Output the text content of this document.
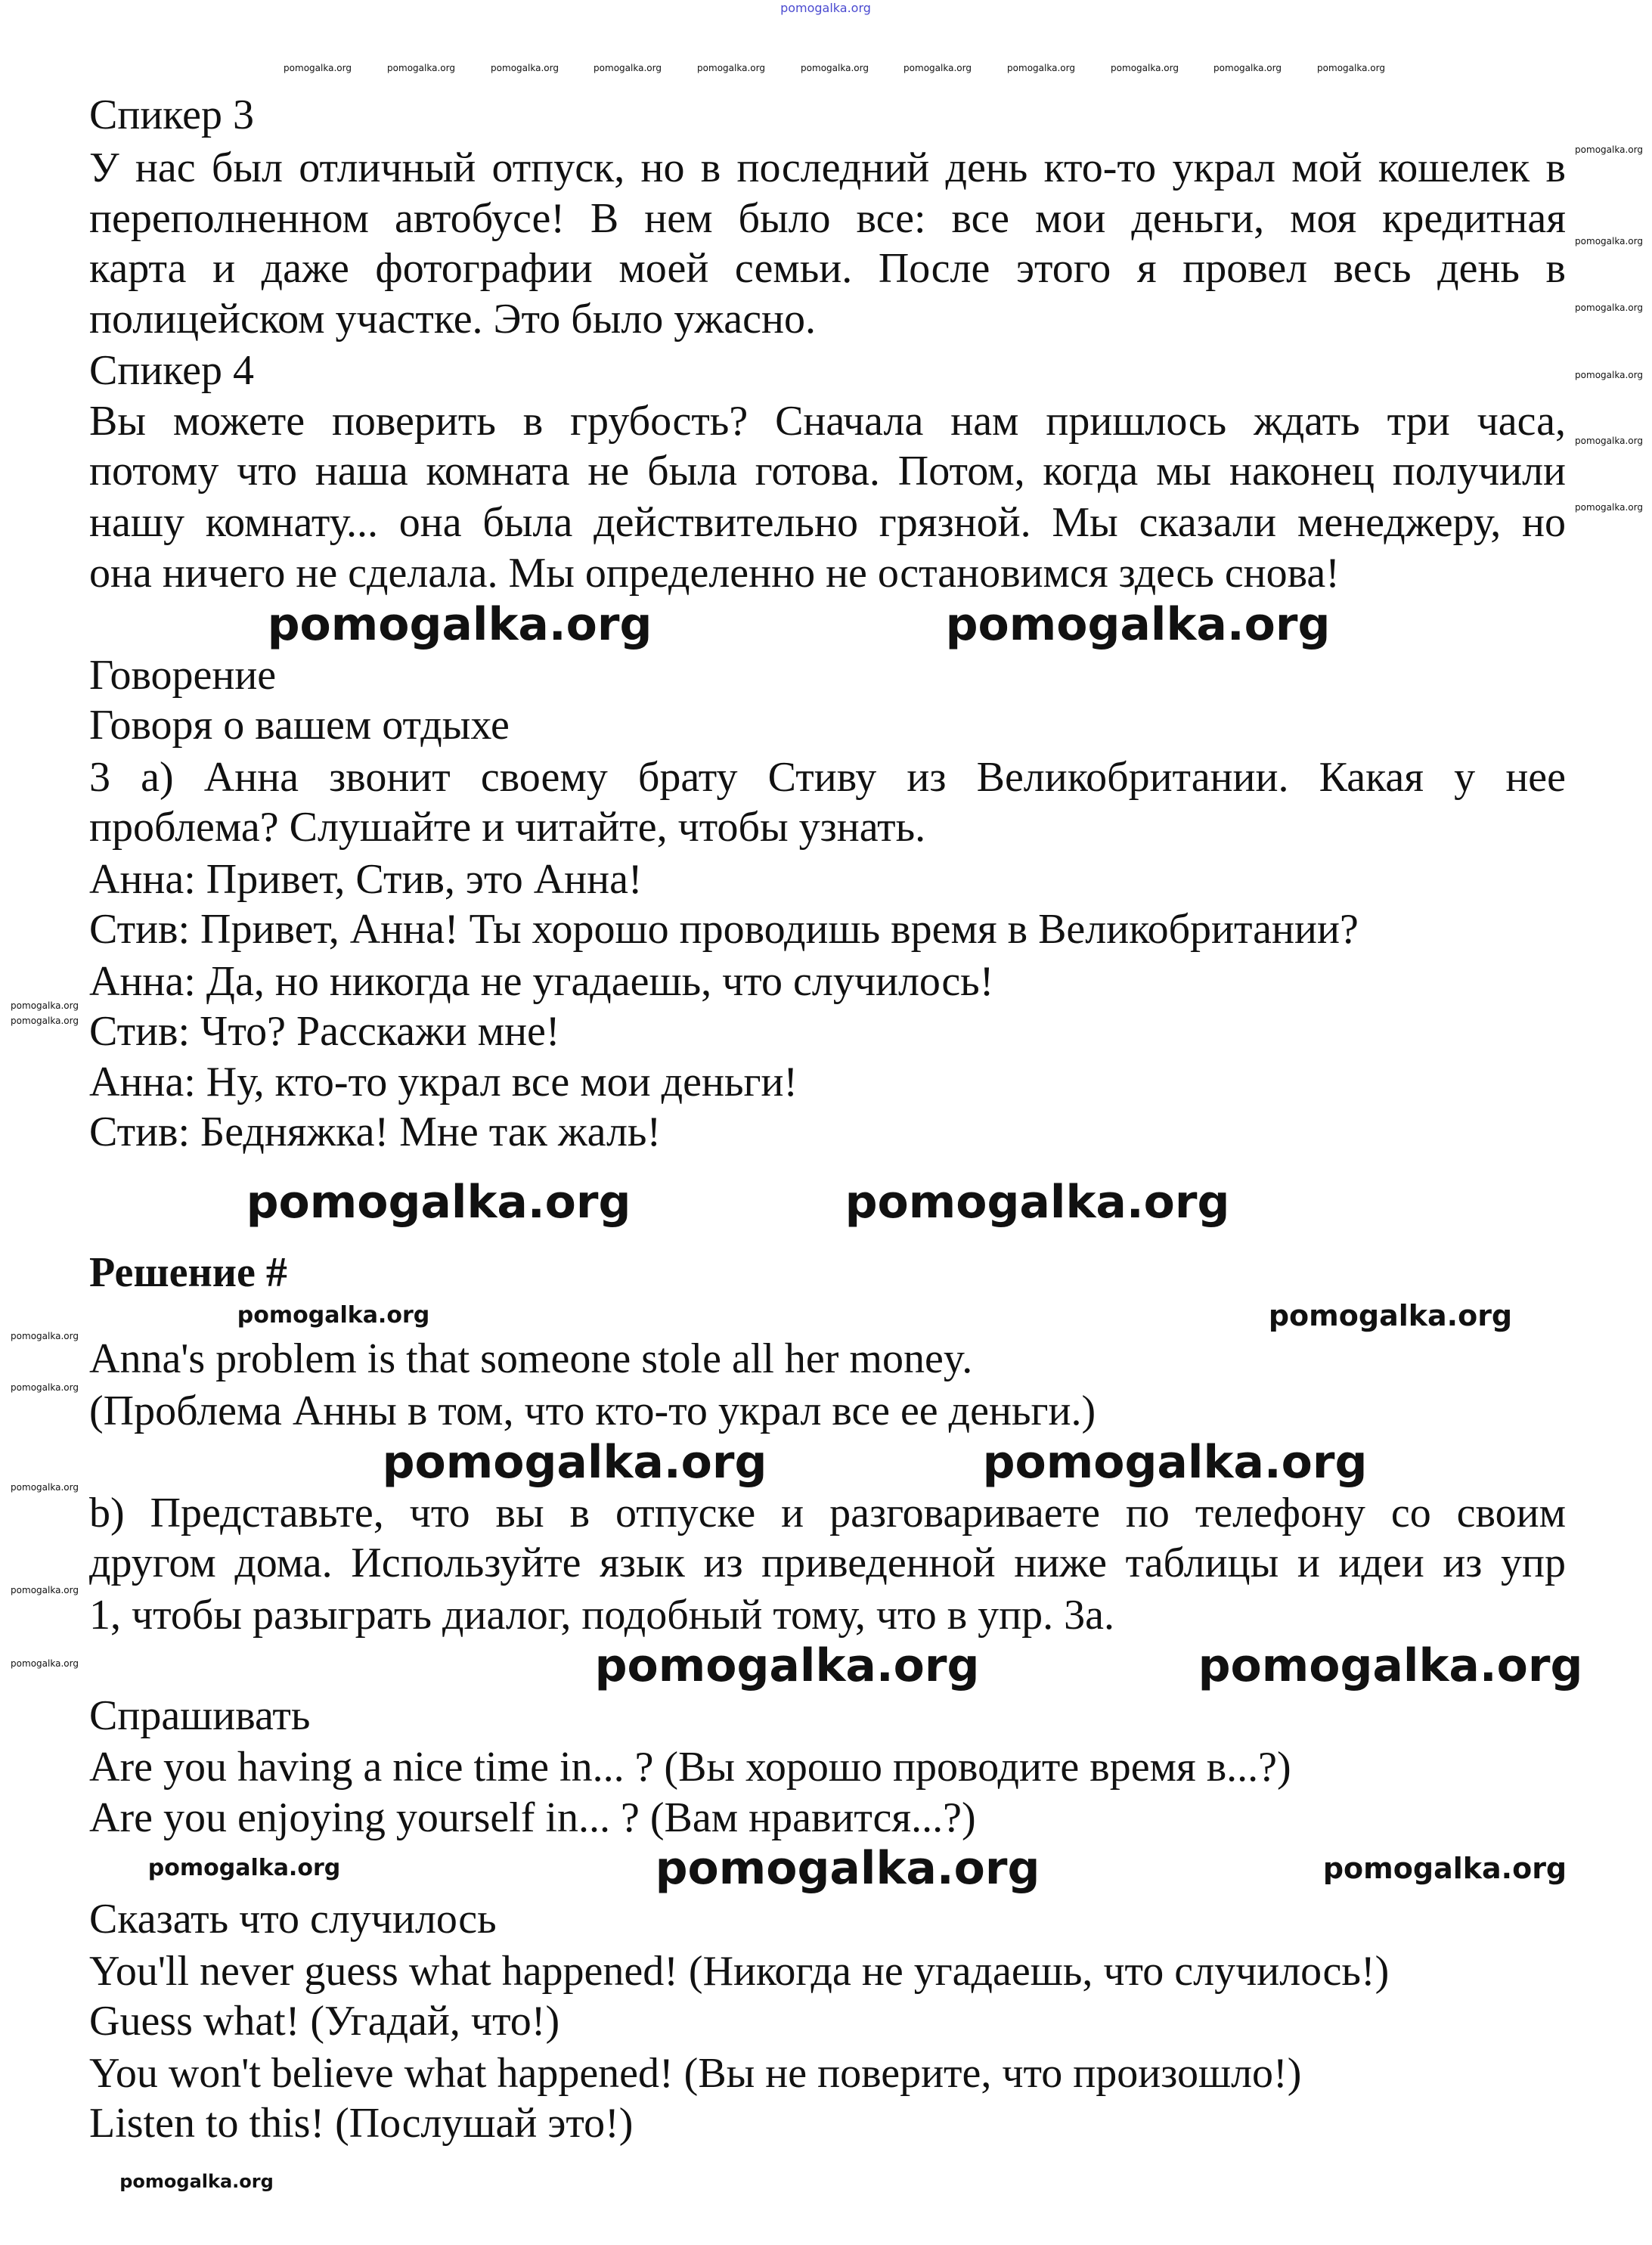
Спикер 3
У нас был отличный отпуск, но в последний день кто-то украл мой кошелек в
переполненном автобусе! В нем было все: все мои деньги, моя кредитная
карта и даже фотографии моей семьи. После этого я провел весь день в
полицейском участке. Это было ужасно.
Спикер 4
Вы можете поверить в грубость? Сначала нам пришлось ждать три часа,
потому что наша комната не была готова. Потом, когда мы наконец получили
нашу комнату... она была действительно грязной. Мы сказали менеджеру, но
она ничего не сделала. Мы определенно не остановимся здесь снова!
Говорение
Говоря о вашем отдыхе
3 a) Анна звонит своему брату Стиву из Великобритании. Какая у нее
проблема? Слушайте и читайте, чтобы узнать.
Анна: Привет, Стив, это Анна!
Стив: Привет, Анна! Ты хорошо проводишь время в Великобритании?
Анна: Да, но никогда не угадаешь, что случилось!
Стив: Что? Расскажи мне!
Анна: Ну, кто-то украл все мои деньги!
Стив: Бедняжка! Мне так жаль!
Решение #
Anna's problem is that someone stole all her money.
(Проблема Анны в том, что кто-то украл все ее деньги.)
b) Представьте, что вы в отпуске и разговариваете по телефону со своим
другом дома. Используйте язык из приведенной ниже таблицы и идеи из упр
1, чтобы разыграть диалог, подобный тому, что в упр. 3a.
Спрашивать
Are you having a nice time in... ? (Вы хорошо проводите время в...?)
Are you enjoying yourself in... ? (Вам нравится...?)
Сказать что случилось
You'll never guess what happened! (Никогда не угадаешь, что случилось!)
Guess what! (Угадай, что!)
You won't believe what happened! (Вы не поверите, что произошло!)
Listen to this! (Послушай это!)
pomogalka.org
pomogalka.org	pomogalka.org	pomogalka.org	pomogalka.org	pomogalka.org	pomogalka.org	pomogalka.org	pomogalka.org	pomogalka.org	pomogalka.org	pomogalka.org
pomogalka.org
pomogalka.org
pomogalka.org
pomogalka.org
pomogalka.org
pomogalka.org
pomogalka.org
pomogalka.org
pomogalka.org
pomogalka.org
pomogalka.org
pomogalka.org
pomogalka.org
pomogalka.org	pomogalka.org
pomogalka.org	pomogalka.org
pomogalka.org	pomogalka.org
pomogalka.org	pomogalka.org
pomogalka.org
pomogalka.org
pomogalka.org
pomogalka.org
pomogalka.org
pomogalka.org
